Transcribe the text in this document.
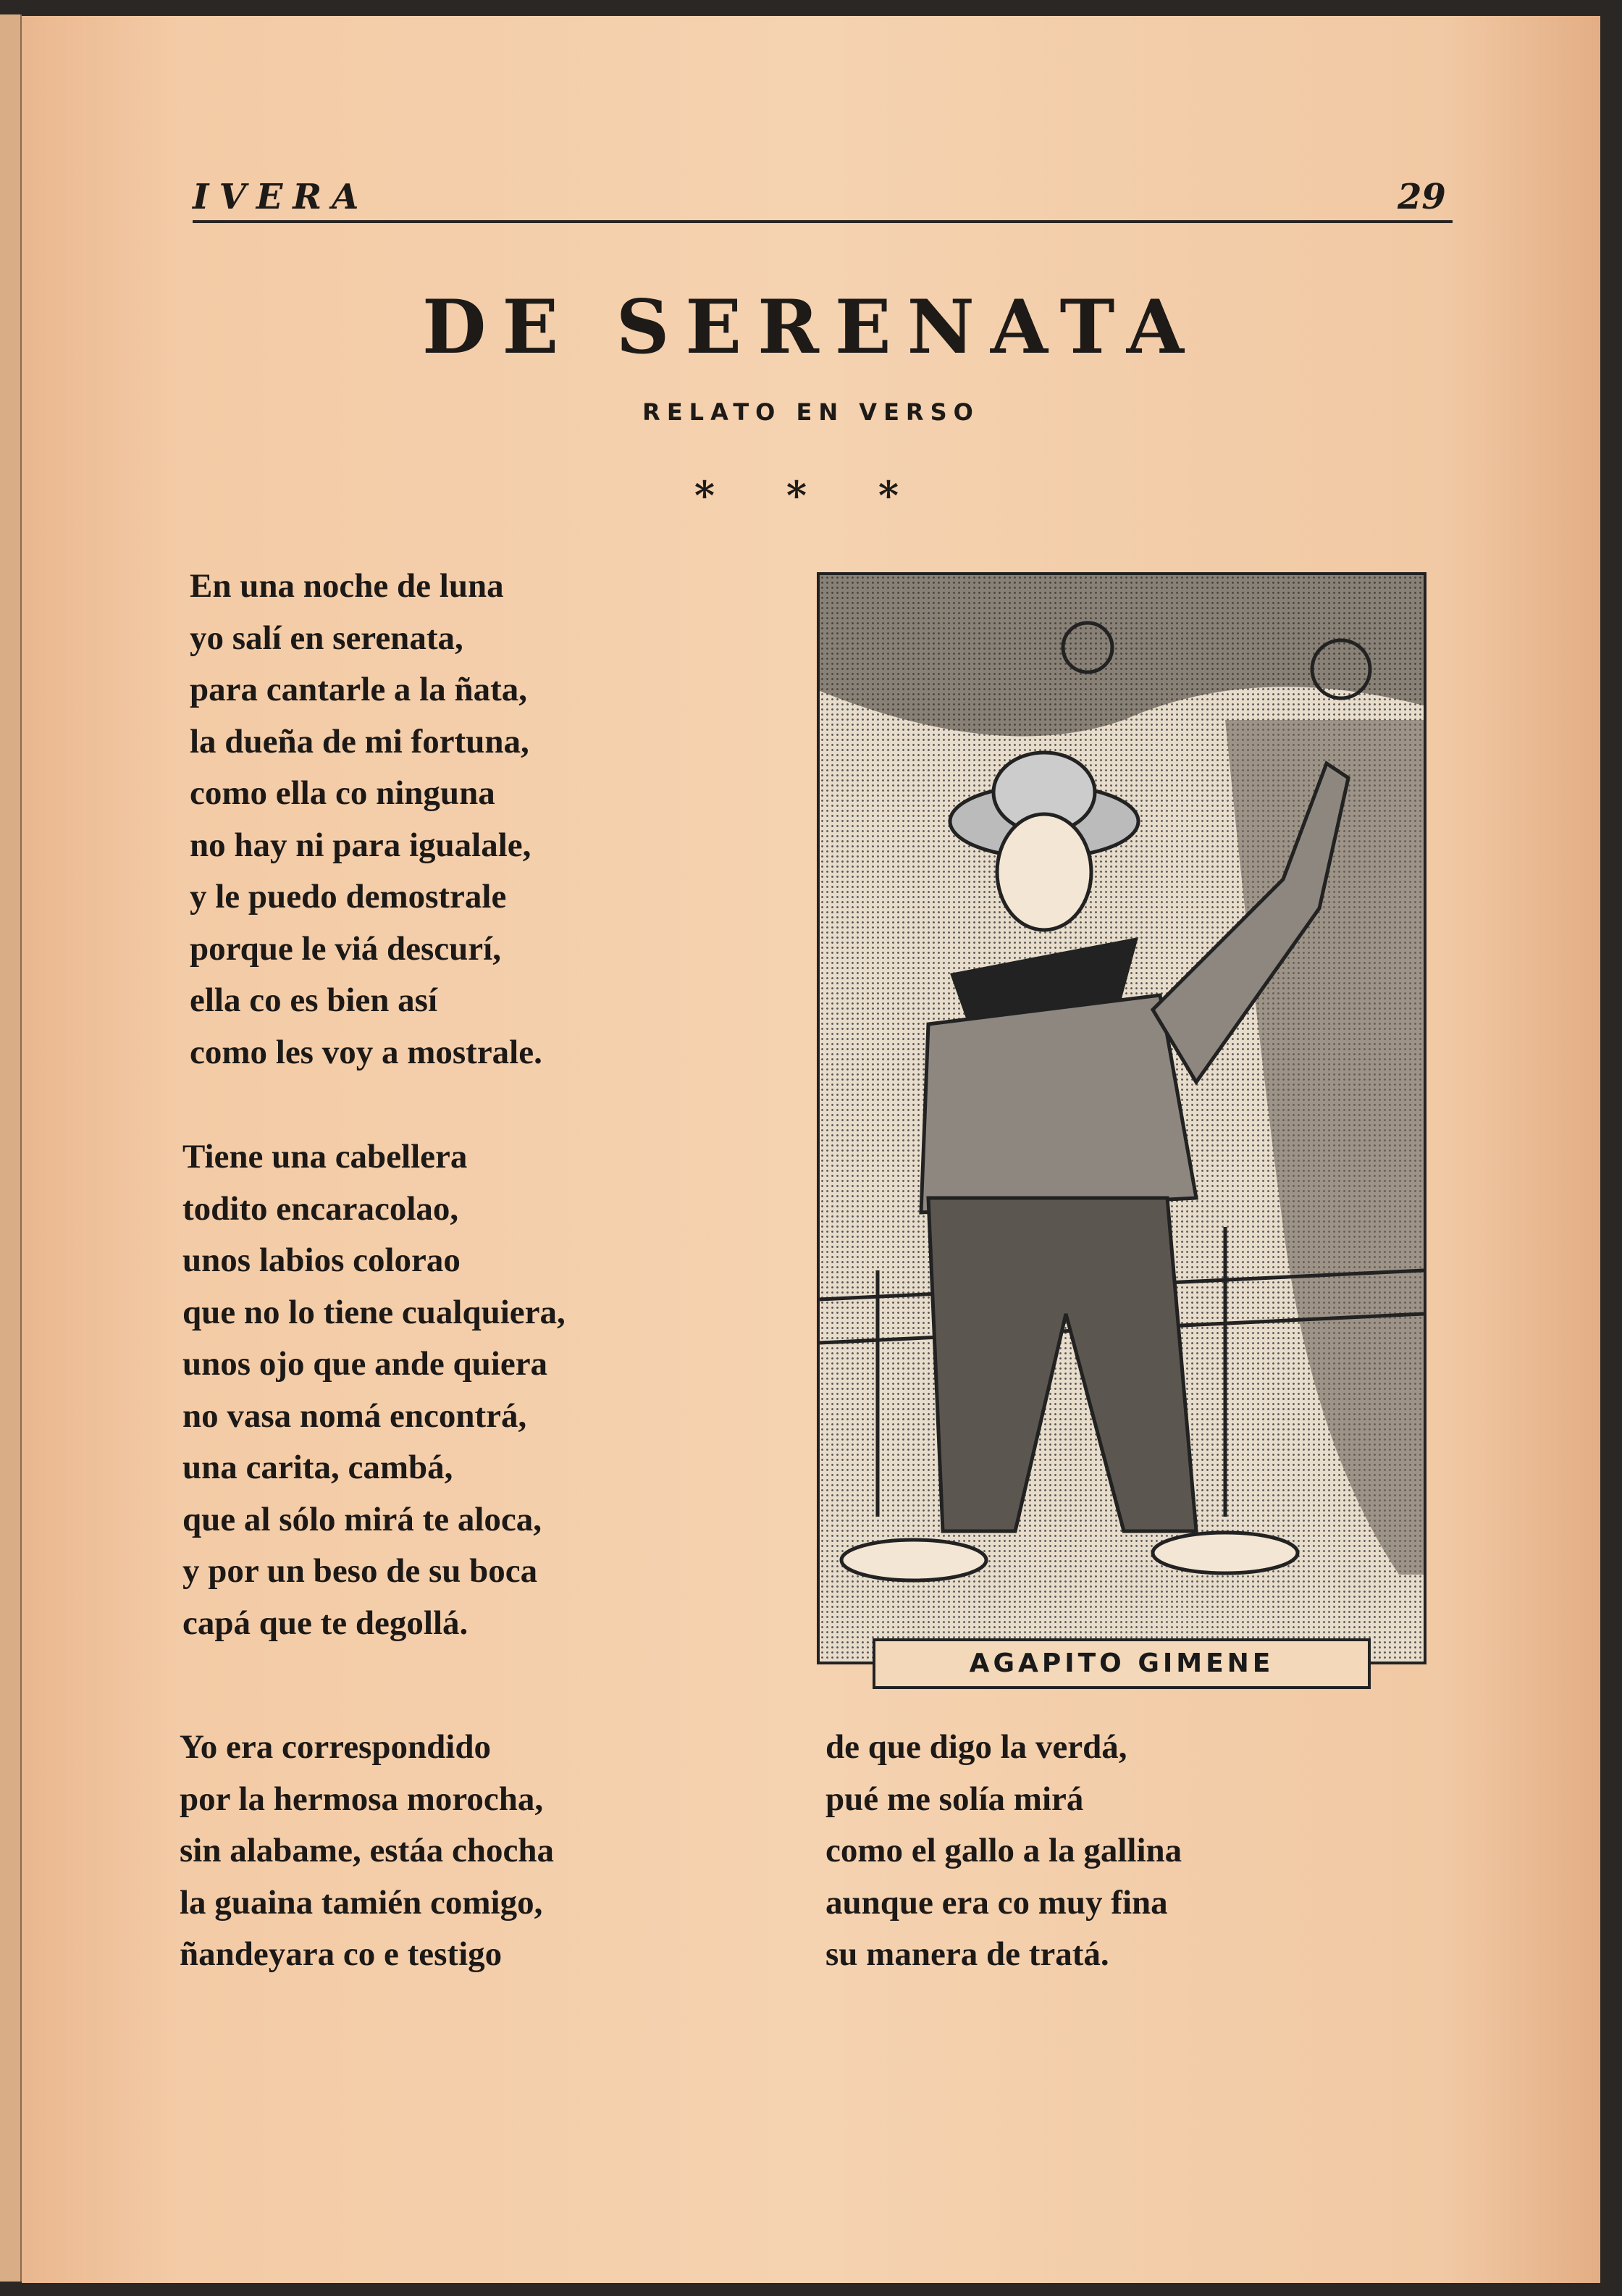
IVERA	29
DE SERENATA
RELATO EN VERSO
* * *
En una noche de luna
yo salí en serenata,
para cantarle a la ñata,
la dueña de mi fortuna,
como ella co ninguna
no hay ni para igualale,
y le puedo demostrale
porque le viá descurí,
ella co es bien así
como les voy a mostrale.
Tiene una cabellera
todito encaracolao,
unos labios colorao
que no lo tiene cualquiera,
unos ojo que ande quiera
no vasa nomá encontrá,
una carita, cambá,
que al sólo mirá te aloca,
y por un beso de su boca
capá que te degollá.
Yo era correspondido
por la hermosa morocha,
sin alabame, estáa chocha
la guaina tamién comigo,
ñandeyara co e testigo
de que digo la verdá,
pué me solía mirá
como el gallo a la gallina
aunque era co muy fina
su manera de tratá.
AGAPITO GIMENE
